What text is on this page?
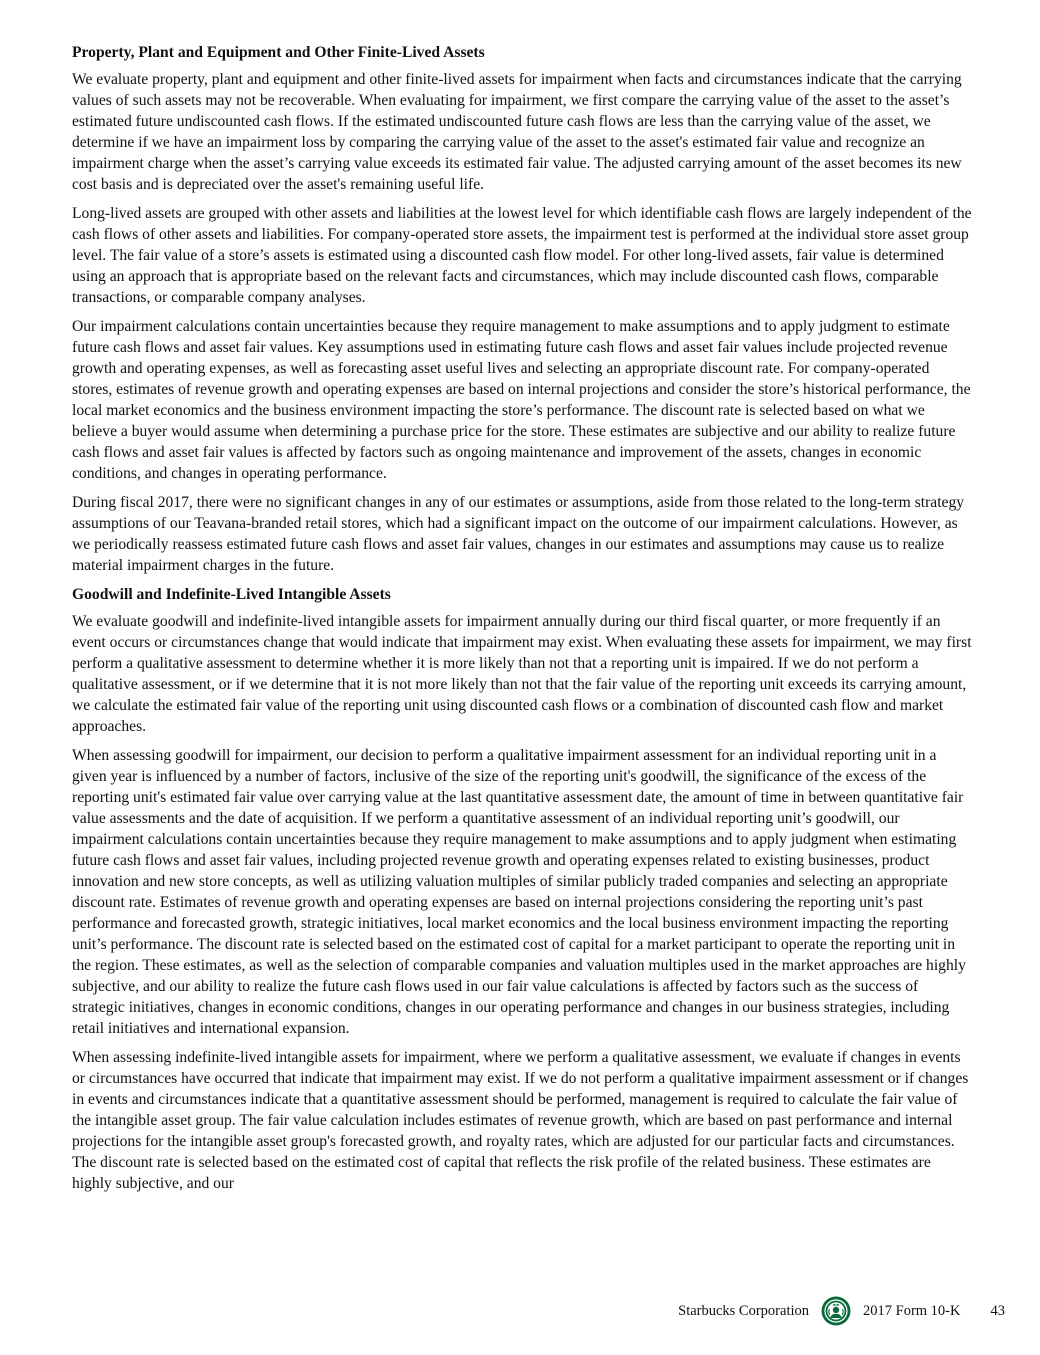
Property, Plant and Equipment and Other Finite-Lived Assets

We evaluate property, plant and equipment and other finite-lived assets for impairment when facts and circumstances indicate that the carrying values of such assets may not be recoverable. When evaluating for impairment, we first compare the carrying value of the asset to the asset’s estimated future undiscounted cash flows. If the estimated undiscounted future cash flows are less than the carrying value of the asset, we determine if we have an impairment loss by comparing the carrying value of the asset to the asset's estimated fair value and recognize an impairment charge when the asset’s carrying value exceeds its estimated fair value. The adjusted carrying amount of the asset becomes its new cost basis and is depreciated over the asset's remaining useful life.

Long-lived assets are grouped with other assets and liabilities at the lowest level for which identifiable cash flows are largely independent of the cash flows of other assets and liabilities. For company-operated store assets, the impairment test is performed at the individual store asset group level. The fair value of a store’s assets is estimated using a discounted cash flow model. For other long-lived assets, fair value is determined using an approach that is appropriate based on the relevant facts and circumstances, which may include discounted cash flows, comparable transactions, or comparable company analyses.

Our impairment calculations contain uncertainties because they require management to make assumptions and to apply judgment to estimate future cash flows and asset fair values. Key assumptions used in estimating future cash flows and asset fair values include projected revenue growth and operating expenses, as well as forecasting asset useful lives and selecting an appropriate discount rate. For company-operated stores, estimates of revenue growth and operating expenses are based on internal projections and consider the store’s historical performance, the local market economics and the business environment impacting the store’s performance. The discount rate is selected based on what we believe a buyer would assume when determining a purchase price for the store. These estimates are subjective and our ability to realize future cash flows and asset fair values is affected by factors such as ongoing maintenance and improvement of the assets, changes in economic conditions, and changes in operating performance.

During fiscal 2017, there were no significant changes in any of our estimates or assumptions, aside from those related to the long-term strategy assumptions of our Teavana-branded retail stores, which had a significant impact on the outcome of our impairment calculations. However, as we periodically reassess estimated future cash flows and asset fair values, changes in our estimates and assumptions may cause us to realize material impairment charges in the future.

Goodwill and Indefinite-Lived Intangible Assets

We evaluate goodwill and indefinite-lived intangible assets for impairment annually during our third fiscal quarter, or more frequently if an event occurs or circumstances change that would indicate that impairment may exist. When evaluating these assets for impairment, we may first perform a qualitative assessment to determine whether it is more likely than not that a reporting unit is impaired. If we do not perform a qualitative assessment, or if we determine that it is not more likely than not that the fair value of the reporting unit exceeds its carrying amount, we calculate the estimated fair value of the reporting unit using discounted cash flows or a combination of discounted cash flow and market approaches.

When assessing goodwill for impairment, our decision to perform a qualitative impairment assessment for an individual reporting unit in a given year is influenced by a number of factors, inclusive of the size of the reporting unit's goodwill, the significance of the excess of the reporting unit's estimated fair value over carrying value at the last quantitative assessment date, the amount of time in between quantitative fair value assessments and the date of acquisition. If we perform a quantitative assessment of an individual reporting unit’s goodwill, our impairment calculations contain uncertainties because they require management to make assumptions and to apply judgment when estimating future cash flows and asset fair values, including projected revenue growth and operating expenses related to existing businesses, product innovation and new store concepts, as well as utilizing valuation multiples of similar publicly traded companies and selecting an appropriate discount rate. Estimates of revenue growth and operating expenses are based on internal projections considering the reporting unit’s past performance and forecasted growth, strategic initiatives, local market economics and the local business environment impacting the reporting unit’s performance. The discount rate is selected based on the estimated cost of capital for a market participant to operate the reporting unit in the region. These estimates, as well as the selection of comparable companies and valuation multiples used in the market approaches are highly subjective, and our ability to realize the future cash flows used in our fair value calculations is affected by factors such as the success of strategic initiatives, changes in economic conditions, changes in our operating performance and changes in our business strategies, including retail initiatives and international expansion.

When assessing indefinite-lived intangible assets for impairment, where we perform a qualitative assessment, we evaluate if changes in events or circumstances have occurred that indicate that impairment may exist. If we do not perform a qualitative impairment assessment or if changes in events and circumstances indicate that a quantitative assessment should be performed, management is required to calculate the fair value of the intangible asset group. The fair value calculation includes estimates of revenue growth, which are based on past performance and internal projections for the intangible asset group's forecasted growth, and royalty rates, which are adjusted for our particular facts and circumstances. The discount rate is selected based on the estimated cost of capital that reflects the risk profile of the related business. These estimates are highly subjective, and our

Starbucks Corporation	2017 Form 10-K 43
